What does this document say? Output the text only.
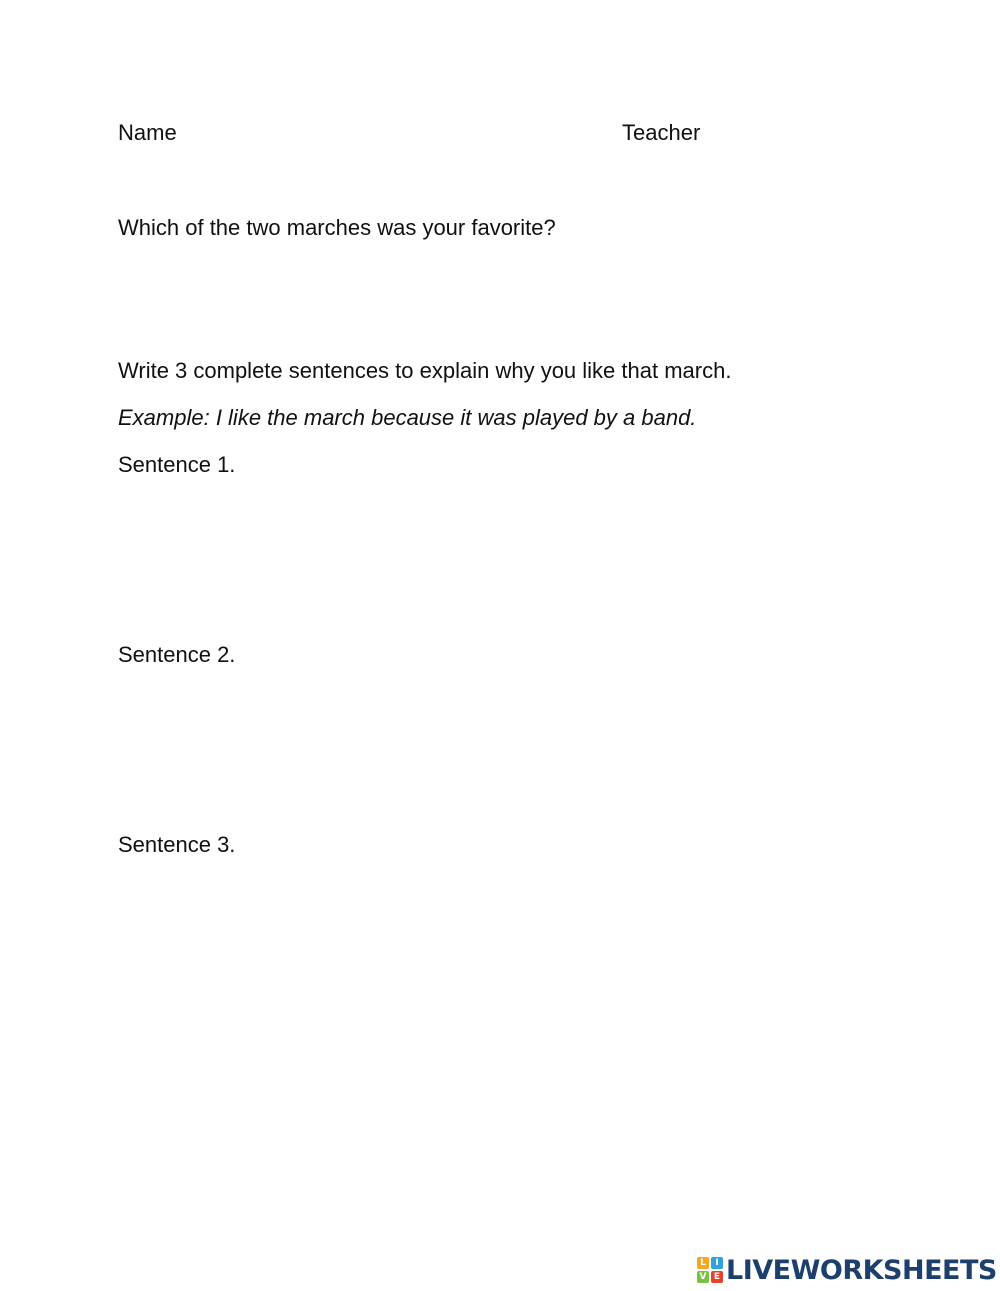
Name	Teacher
Which of the two marches was your favorite?
Write 3 complete sentences to explain why you like that march.
Example: I like the march because it was played by a band.
Sentence 1.
Sentence 2.
Sentence 3.
L	I
V E LIVEWORKSHEETS
